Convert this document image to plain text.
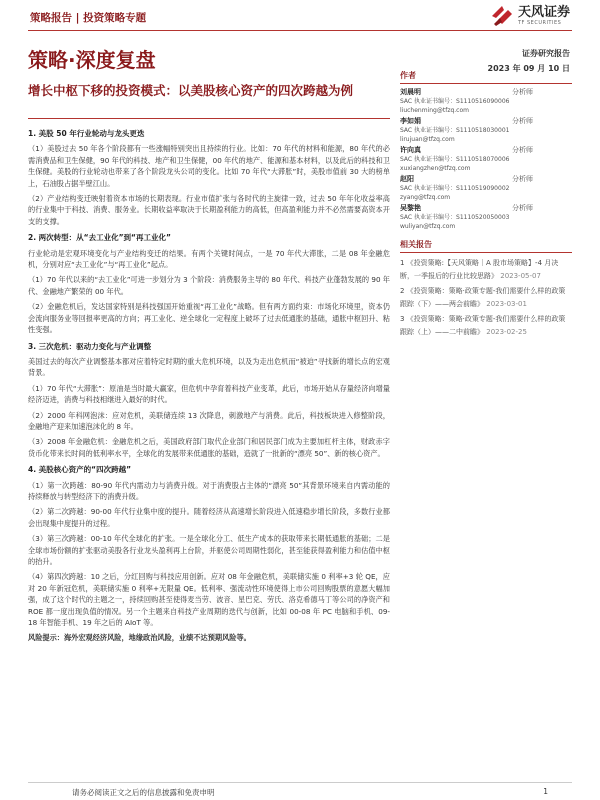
策略报告 | 投资策略专题	天风证券
TF SECURITIES
策略·深度复盘	证券研究报告
2023 年 09 月 10 日
增长中枢下移的投资模式：以美股核心资产的四次跨越为例
1. 美股 50 年行业轮动与龙头更迭
（1）美股过去 50 年各个阶段都有一些涨幅特别突出且持续的行业。比如：70 年代的材料和能源，80 年代的必需消费品和卫生保健，90 年代的科技、地产和卫生保健，00 年代的地产、能源和基本材料，以及此后的科技和卫生保健。美股的行业轮动也带来了各个阶段龙头公司的变化。比如 70 年代“大滞胀”时，美股市值前 30 大的榜单上，石油股占据半壁江山。
（2）产业结构变迁映射着资本市场的长期表现。行业市值扩张与各时代的主旋律一致，过去 50 年年化收益率高的行业集中于科技、消费、服务业。长期收益率取决于长期盈利能力的高低，但高盈利能力并不必然需要高资本开支的支撑。
2. 两次转型：从“去工业化”到“再工业化”
行业轮动是宏观环境变化与产业结构变迁的结果。有两个关键时间点，一是 70 年代大滞胀，二是 08 年金融危机，分别对应“去工业化”与“再工业化”起点。
（1）70 年代以来的“去工业化”可进一步划分为 3 个阶段：消费服务主导的 80 年代、科技产业蓬勃发展的 90 年代、金融地产繁荣的 00 年代。
（2）金融危机后，发达国家特别是科技强国开始重视“再工业化”战略。但有两方面约束：市场化环境里，资本仍会流向服务业等回报率更高的方向；再工业化、逆全球化一定程度上破坏了过去低通胀的基础，通胀中枢回升、粘性变强。
3. 三次危机：驱动力变化与产业调整
美国过去的每次产业调整基本都对应着特定时期的重大危机环境，以及为走出危机而“被迫”寻找新的增长点的宏观背景。
（1）70 年代“大滞胀”：原油是当时最大赢家，但危机中孕育着科技产业变革，此后，市场开始从存量经济向增量经济迈进，消费与科技相继进入最好的时代。
（2）2000 年科网泡沫：应对危机，美联储连续 13 次降息，刺激地产与消费。此后，科技板块进入修整阶段，金融地产迎来加速泡沫化的 8 年。
（3）2008 年金融危机：金融危机之后，美国政府部门取代企业部门和居民部门成为主要加杠杆主体，财政赤字货币化带来长时间的低利率水平，全球化的发展带来低通胀的基础，造就了一批新的“漂亮 50”、新的核心资产。
4. 美股核心资产的“四次跨越”
（1）第一次跨越：80-90 年代内需动力与消费升级。对于消费股占主体的“漂亮 50”其背景环境来自内需动能的持续释放与转型经济下的消费升级。
（2）第二次跨越：90-00 年代行业集中度的提升。随着经济从高速增长阶段进入低速稳步增长阶段，多数行业都会出现集中度提升的过程。
（3）第三次跨越：00-10 年代全球化的扩张。一是全球化分工、低生产成本的获取带来长期低通胀的基础；二是全球市场份额的扩张驱动美股各行业龙头盈利再上台阶，并驱使公司周期性弱化，甚至能获得盈利能力和估值中枢的抬升。
（4）第四次跨越：10 之后，分红回购与科技应用创新。应对 08 年金融危机，美联储实施 0 利率+3 轮 QE，应对 20 年新冠危机，美联储实施 0 利率+无限量 QE。低利率、强流动性环境使得上市公司回购股票的意愿大幅加强，成了这个时代的主题之一，持续回购甚至使得麦当劳、波音、星巴克、劳氏、洛克希德马丁等公司的净资产和 ROE 都一度出现负值的情况。另一个主题来自科技产业周期的迭代与创新，比如 00-08 年 PC 电脑和手机、09-18 年智能手机、19 年之后的 AIoT 等。
风险提示：海外宏观经济风险，地缘政治风险，业绩不达预期风险等。
作者
刘晨明	分析师
SAC 执业证书编号：S1110516090006
liuchenming@tfzq.com
李如娟	分析师
SAC 执业证书编号：S1110518030001
lirujuan@tfzq.com
许向真	分析师
SAC 执业证书编号：S1110518070006
xuxiangzhen@tfzq.com
赵阳	分析师
SAC 执业证书编号：S1110519090002
zyang@tfzq.com
吴黎艳	分析师
SAC 执业证书编号：S1110520050003
wuliyan@tfzq.com
相关报告
1 《投资策略:【天风策略｜A 股市场策略】-4 月决断，一季报后的行业比较思路》 2023-05-07
2 《投资策略：策略·政策专题-我们需要什么样的政策跟踪（下）——两会前瞻》 2023-03-01
3 《投资策略：策略·政策专题-我们需要什么样的政策跟踪（上）——二中前瞻》 2023-02-25
请务必阅读正文之后的信息披露和免责申明	1
